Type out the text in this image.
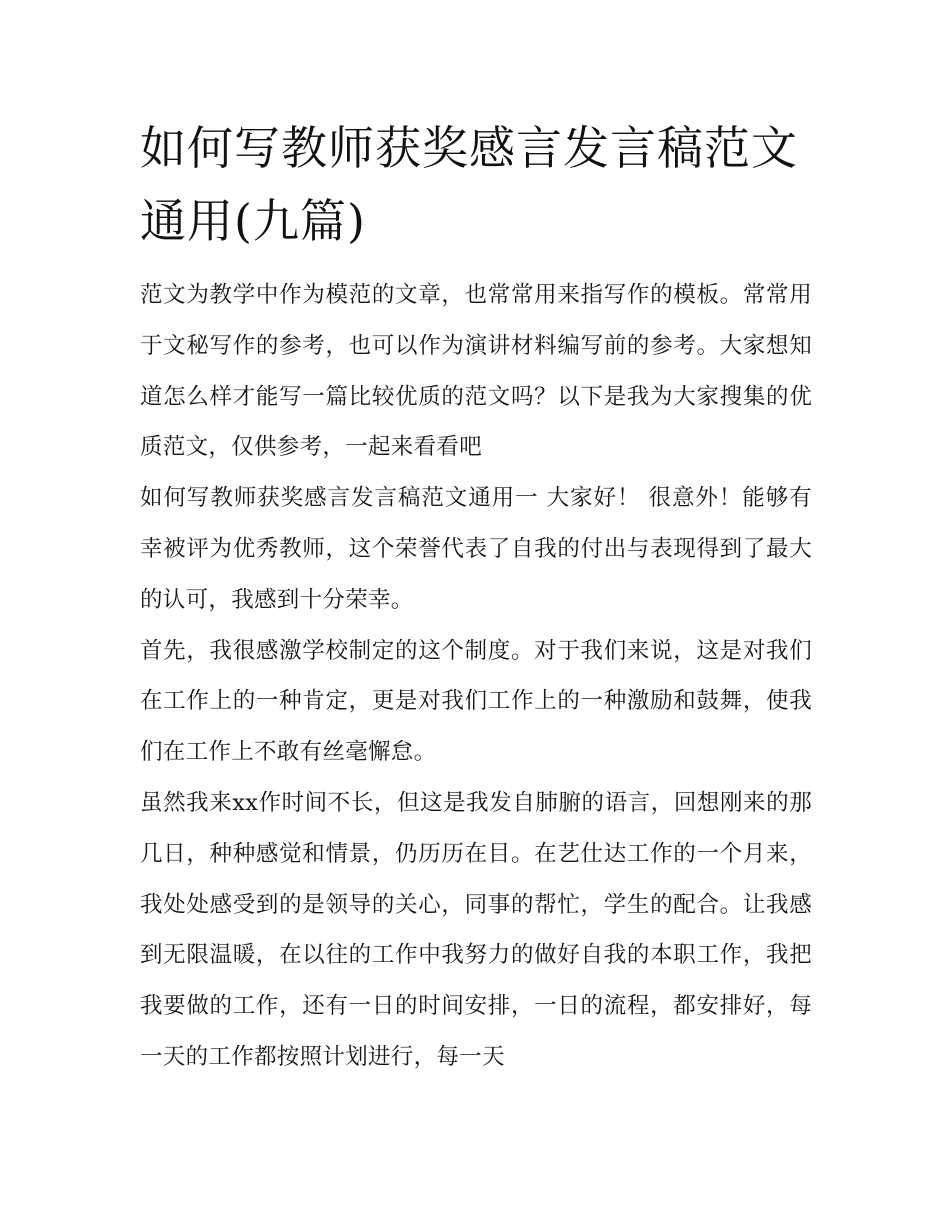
如何写教师获奖感言发言稿范文通用(九篇)

范文为教学中作为模范的文章，也常常用来指写作的模板。常常用于文秘写作的参考，也可以作为演讲材料编写前的参考。大家想知道怎么样才能写一篇比较优质的范文吗？以下是我为大家搜集的优质范文，仅供参考，一起来看看吧

如何写教师获奖感言发言稿范文通用一 大家好！ 很意外！能够有幸被评为优秀教师，这个荣誉代表了自我的付出与表现得到了最大的认可，我感到十分荣幸。

首先，我很感激学校制定的这个制度。对于我们来说，这是对我们在工作上的一种肯定，更是对我们工作上的一种激励和鼓舞，使我们在工作上不敢有丝毫懈怠。

虽然我来xx作时间不长，但这是我发自肺腑的语言，回想刚来的那几日，种种感觉和情景，仍历历在目。在艺仕达工作的一个月来，我处处感受到的是领导的关心，同事的帮忙，学生的配合。让我感到无限温暖，在以往的工作中我努力的做好自我的本职工作，我把我要做的工作，还有一日的时间安排，一日的流程，都安排好，每一天的工作都按照计划进行，每一天
